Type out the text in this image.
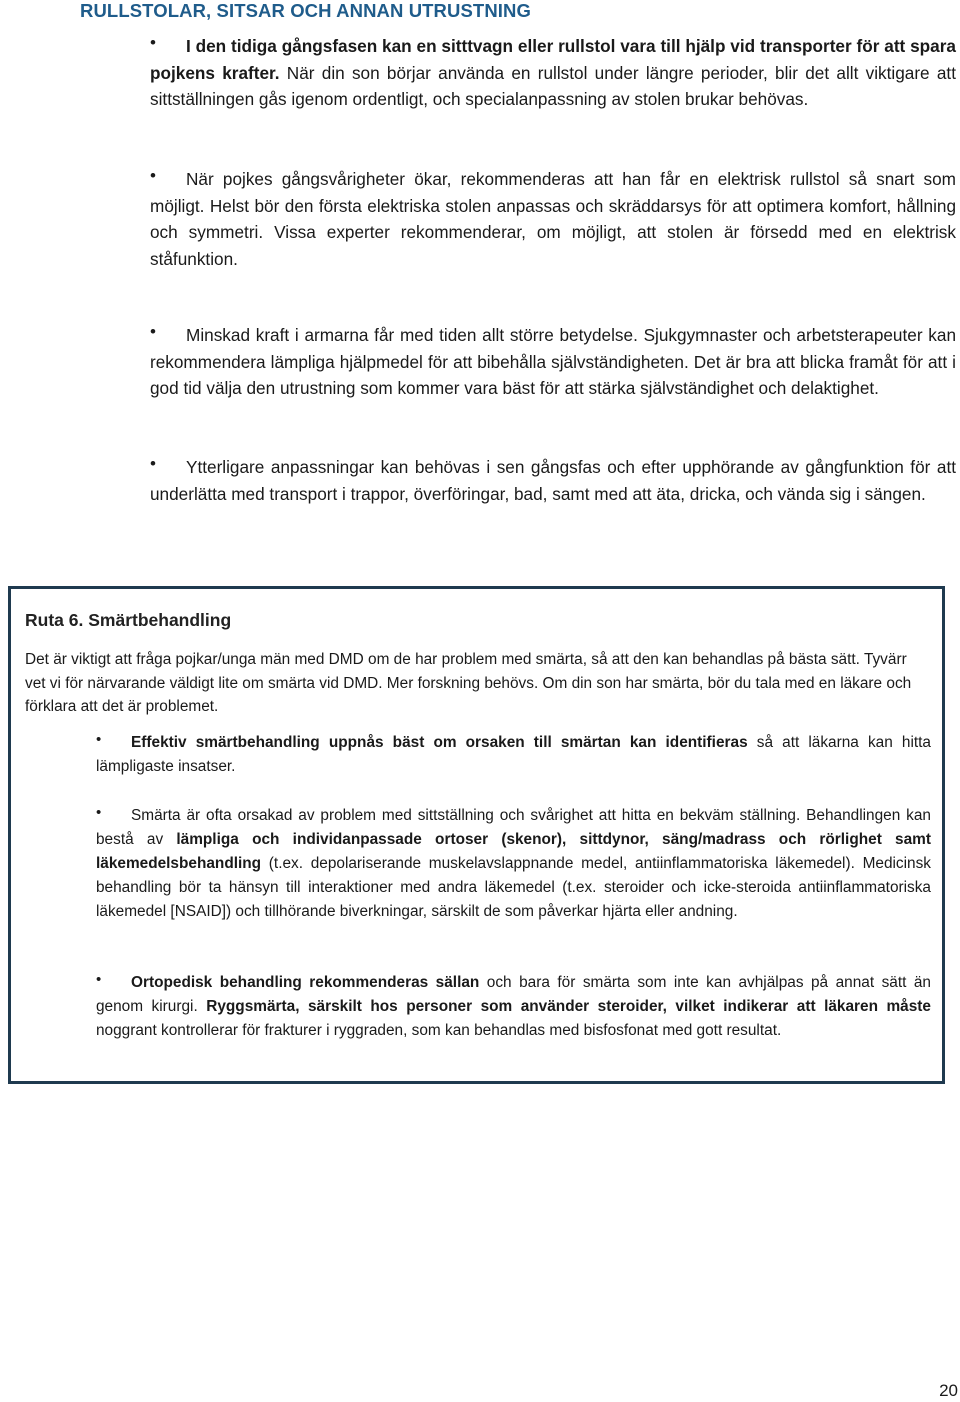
RULLSTOLAR, SITSAR OCH ANNAN UTRUSTNING
•	I den tidiga gångsfasen kan en sitttvagn eller rullstol vara till hjälp vid transporter för att spara pojkens krafter. När din son börjar använda en rullstol under längre perioder, blir det allt viktigare att sittställningen gås igenom ordentligt, och specialanpassning av stolen brukar behövas.

•	När pojkes gångsvårigheter ökar, rekommenderas att han får en elektrisk rullstol så snart som möjligt. Helst bör den första elektriska stolen anpassas och skräddarsys för att optimera komfort, hållning och symmetri. Vissa experter rekommenderar, om möjligt, att stolen är försedd med en elektrisk ståfunktion.

•	Minskad kraft i armarna får med tiden allt större betydelse. Sjukgymnaster och arbetsterapeuter kan rekommendera lämpliga hjälpmedel för att bibehålla självständigheten. Det är bra att blicka framåt för att i god tid välja den utrustning som kommer vara bäst för att stärka självständighet och delaktighet.

•	Ytterligare anpassningar kan behövas i sen gångsfas och efter upphörande av gångfunktion för att underlätta med transport i trappor, överföringar, bad, samt med att äta, dricka, och vända sig i sängen.

Ruta 6. Smärtbehandling

Det är viktigt att fråga pojkar/unga män med DMD om de har problem med smärta, så att den kan behandlas på bästa sätt. Tyvärr vet vi för närvarande väldigt lite om smärta vid DMD. Mer forskning behövs. Om din son har smärta, bör du tala med en läkare och förklara att det är problemet.

•	Effektiv smärtbehandling uppnås bäst om orsaken till smärtan kan identifieras så att läkarna kan hitta lämpligaste insatser.

•	Smärta är ofta orsakad av problem med sittställning och svårighet att hitta en bekväm ställning. Behandlingen kan bestå av lämpliga och individanpassade ortoser (skenor), sittdynor, säng/madrass och rörlighet samt läkemedelsbehandling (t.ex. depolariserande muskelavslappnande medel, antiinflammatoriska läkemedel). Medicinsk behandling bör ta hänsyn till interaktioner med andra läkemedel (t.ex. steroider och icke-steroida antiinflammatoriska läkemedel [NSAID]) och tillhörande biverkningar, särskilt de som påverkar hjärta eller andning.

•	Ortopedisk behandling rekommenderas sällan och bara för smärta som inte kan avhjälpas på annat sätt än genom kirurgi. Ryggsmärta, särskilt hos personer som använder steroider, vilket indikerar att läkaren måste noggrant kontrollerar för frakturer i ryggraden, som kan behandlas med bisfosfonat med gott resultat.

20
